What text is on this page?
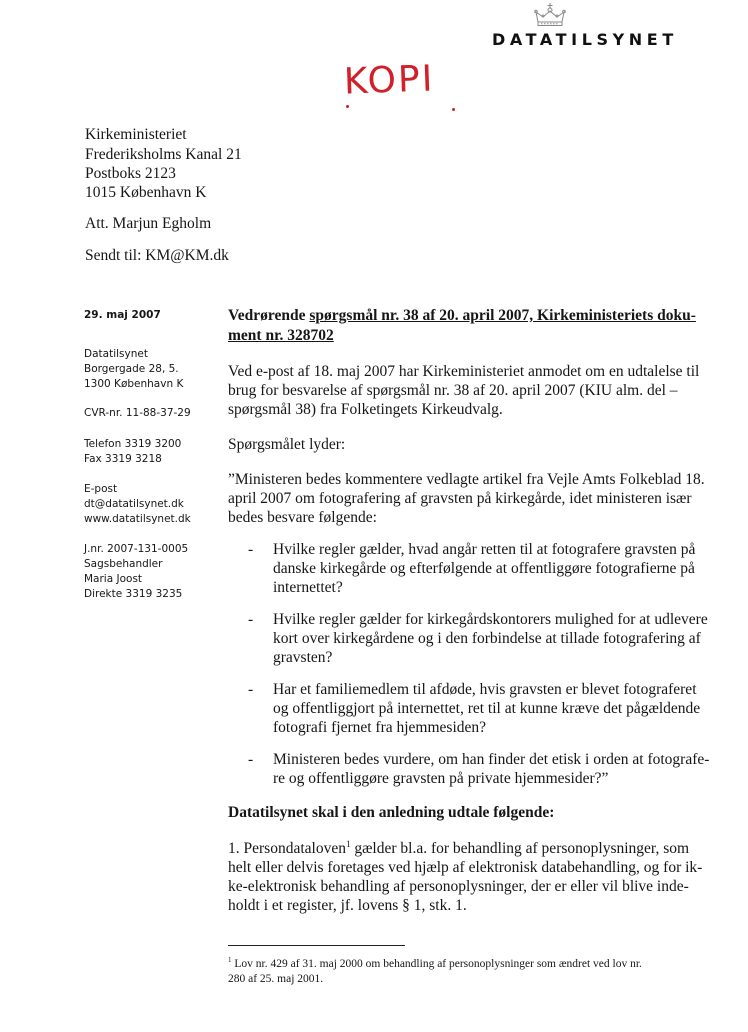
DATATILSYNET
KOPI
Kirkeministeriet
Frederiksholms Kanal 21
Postboks 2123
1015 København K
Att. Marjun Egholm
Sendt til: KM@KM.dk
29. maj 2007
Datatilsynet
Borgergade 28, 5.
1300 København K
CVR-nr. 11-88-37-29
Telefon 3319 3200
Fax 3319 3218
E-post
dt@datatilsynet.dk
www.datatilsynet.dk
J.nr. 2007-131-0005
Sagsbehandler
Maria Joost
Direkte 3319 3235
Vedrørende spørgsmål nr. 38 af 20. april 2007, Kirkeministeriets doku-
ment nr. 328702
Ved e-post af 18. maj 2007 har Kirkeministeriet anmodet om en udtalelse til
brug for besvarelse af spørgsmål nr. 38 af 20. april 2007 (KIU alm. del –
spørgsmål 38) fra Folketingets Kirkeudvalg.
Spørgsmålet lyder:
”Ministeren bedes kommentere vedlagte artikel fra Vejle Amts Folkeblad 18.
april 2007 om fotografering af gravsten på kirkegårde, idet ministeren især
bedes besvare følgende:
- Hvilke regler gælder, hvad angår retten til at fotografere gravsten på
danske kirkegårde og efterfølgende at offentliggøre fotografierne på
internettet?
- Hvilke regler gælder for kirkegårdskontorers mulighed for at udlevere
kort over kirkegårdene og i den forbindelse at tillade fotografering af
gravsten?
- Har et familiemedlem til afdøde, hvis gravsten er blevet fotograferet
og offentliggjort på internettet, ret til at kunne kræve det pågældende
fotografi fjernet fra hjemmesiden?
- Ministeren bedes vurdere, om han finder det etisk i orden at fotografe-
re og offentliggøre gravsten på private hjemmesider?”
Datatilsynet skal i den anledning udtale følgende:
1. Persondataloven$^1$ gælder bl.a. for behandling af personoplysninger, som
helt eller delvis foretages ved hjælp af elektronisk databehandling, og for ik-
ke-elektronisk behandling af personoplysninger, der er eller vil blive inde-
holdt i et register, jf. lovens § 1, stk. 1.
$^1$ Lov nr. 429 af 31. maj 2000 om behandling af personoplysninger som ændret ved lov nr.
280 af 25. maj 2001.
